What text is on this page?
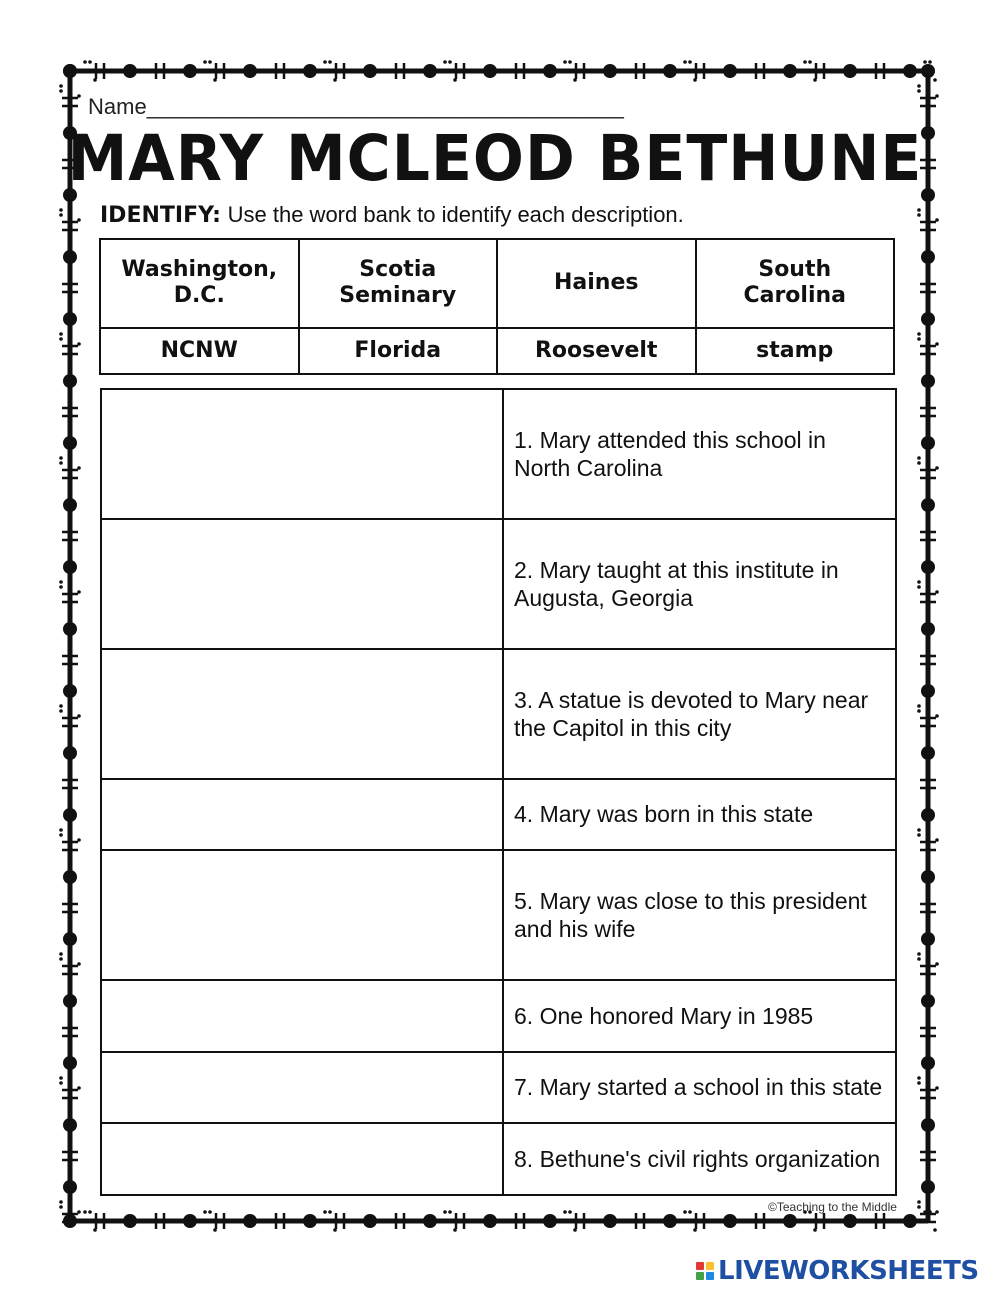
Name_______________________________________
MARY MCLEOD BETHUNE
IDENTIFY: Use the word bank to identify each description.
Washington, D.C.	Scotia Seminary	Haines	South Carolina
NCNW	Florida	Roosevelt	stamp
	1. Mary attended this school in North Carolina
	2. Mary taught at this institute in Augusta, Georgia
	3. A statue is devoted to Mary near the Capitol in this city
	4. Mary was born in this state
	5. Mary was close to this president and his wife
	6. One honored Mary in 1985
	7. Mary started a school in this state
	8. Bethune's civil rights organization
©Teaching to the Middle
LIVEWORKSHEETS
